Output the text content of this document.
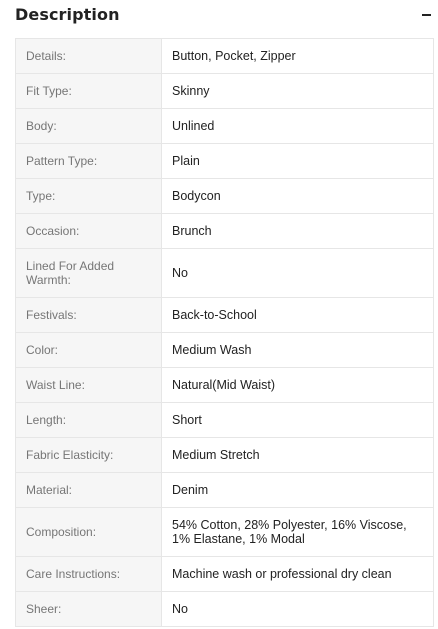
Description
Details:	Button, Pocket, Zipper
Fit Type:	Skinny
Body:	Unlined
Pattern Type:	Plain
Type:	Bodycon
Occasion:	Brunch
Lined For Added Warmth:	No
Festivals:	Back-to-School
Color:	Medium Wash
Waist Line:	Natural(Mid Waist)
Length:	Short
Fabric Elasticity:	Medium Stretch
Material:	Denim
Composition:	54% Cotton, 28% Polyester, 16% Viscose, 1% Elastane, 1% Modal
Care Instructions:	Machine wash or professional dry clean
Sheer:	No
